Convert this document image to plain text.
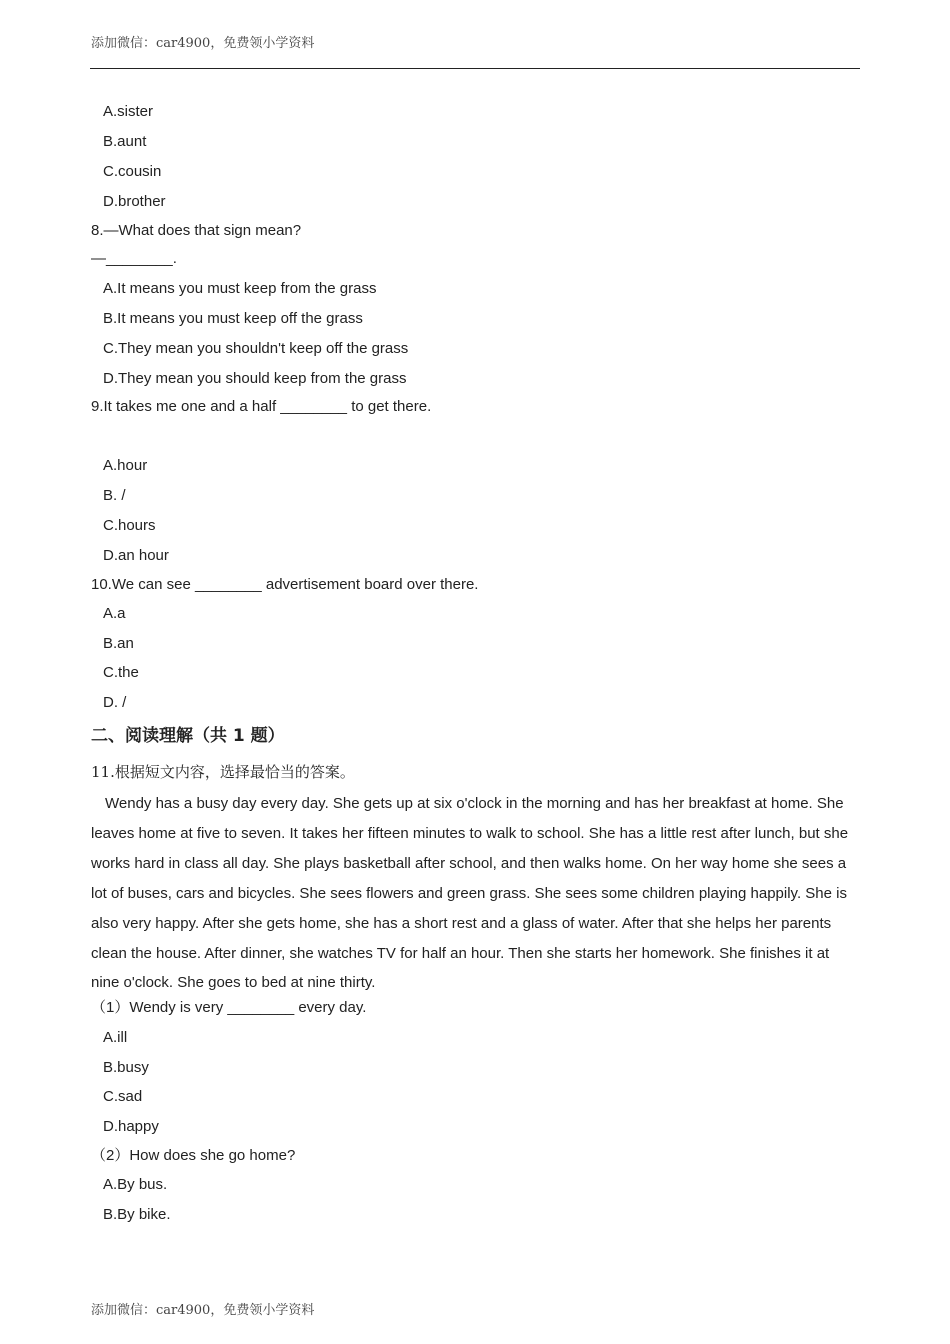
添加微信：car4900，免费领小学资料
A.sister
B.aunt
C.cousin
D.brother
8.—What does that sign mean?
—________.
A.It means you must keep from the grass
B.It means you must keep off the grass
C.They mean you shouldn't keep off the grass
D.They mean you should keep from the grass
9.It takes me one and a half ________ to get there.
A.hour
B. /
C.hours
D.an hour
10.We can see ________ advertisement board over there.
A.a
B.an
C.the
D. /
二、阅读理解（共 1 题）
11.根据短文内容，选择最恰当的答案。
Wendy has a busy day every day. She gets up at six o'clock in the morning and has her breakfast at home. She leaves home at five to seven. It takes her fifteen minutes to walk to school. She has a little rest after lunch, but she works hard in class all day. She plays basketball after school, and then walks home. On her way home she sees a lot of buses, cars and bicycles. She sees flowers and green grass. She sees some children playing happily. She is also very happy. After she gets home, she has a short rest and a glass of water. After that she helps her parents clean the house. After dinner, she watches TV for half an hour. Then she starts her homework. She finishes it at nine o'clock. She goes to bed at nine thirty.
（1）Wendy is very ________ every day.
A.ill
B.busy
C.sad
D.happy
（2）How does she go home?
A.By bus.
B.By bike.
添加微信：car4900，免费领小学资料
